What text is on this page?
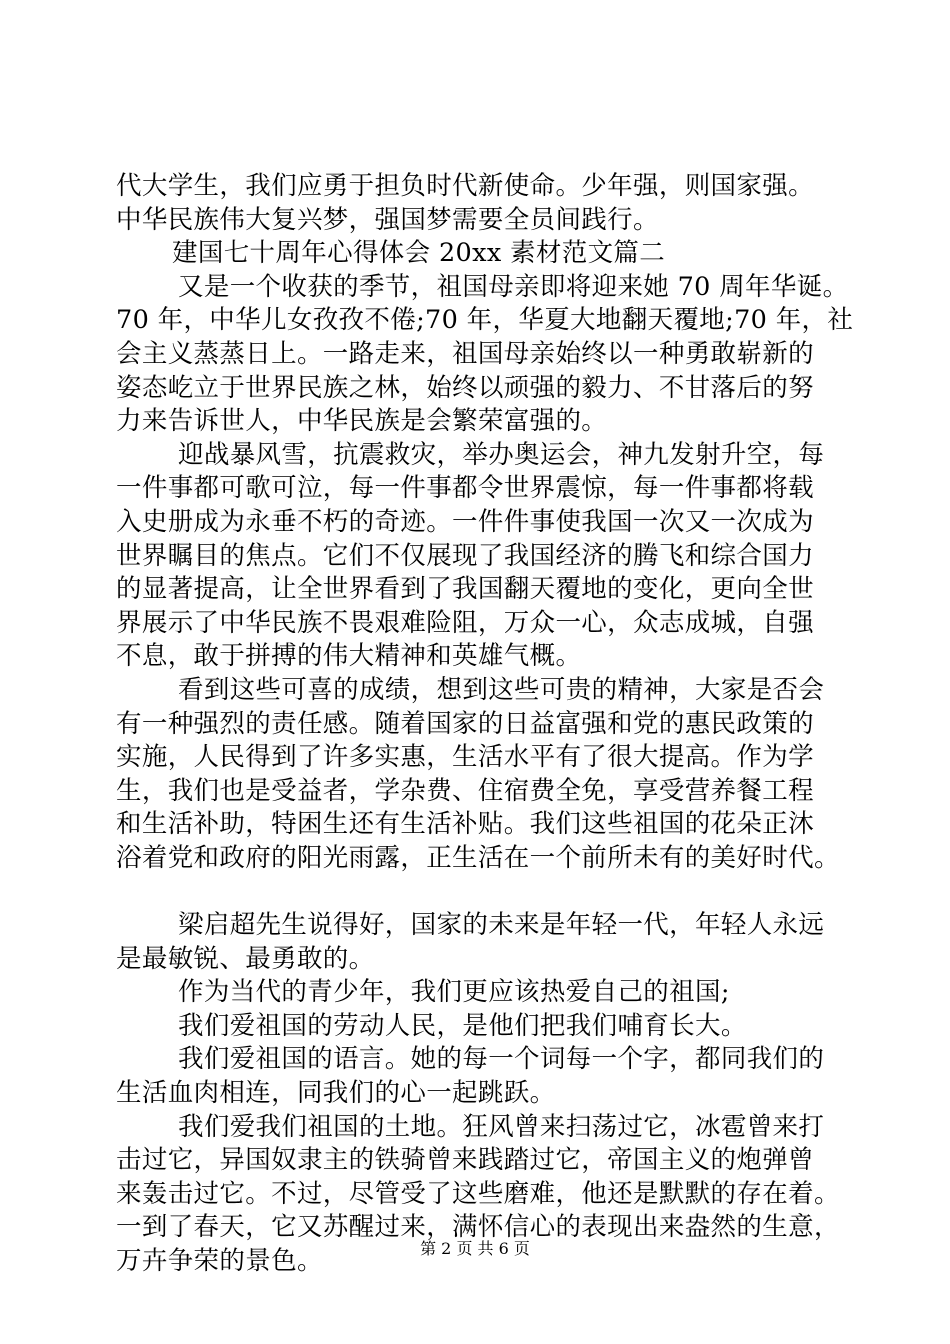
代大学生，我们应勇于担负时代新使命。少年强，则国家强。
中华民族伟大复兴梦，强国梦需要全员间践行。
建国七十周年心得体会 20xx 素材范文篇二
又是一个收获的季节，祖国母亲即将迎来她 70 周年华诞。
70 年，中华儿女孜孜不倦;70 年，华夏大地翻天覆地;70 年，社
会主义蒸蒸日上。一路走来，祖国母亲始终以一种勇敢崭新的
姿态屹立于世界民族之林，始终以顽强的毅力、不甘落后的努
力来告诉世人，中华民族是会繁荣富强的。
迎战暴风雪，抗震救灾，举办奥运会，神九发射升空，每
一件事都可歌可泣，每一件事都令世界震惊，每一件事都将载
入史册成为永垂不朽的奇迹。一件件事使我国一次又一次成为
世界瞩目的焦点。它们不仅展现了我国经济的腾飞和综合国力
的显著提高，让全世界看到了我国翻天覆地的变化，更向全世
界展示了中华民族不畏艰难险阻，万众一心，众志成城，自强
不息，敢于拼搏的伟大精神和英雄气概。
看到这些可喜的成绩，想到这些可贵的精神，大家是否会
有一种强烈的责任感。随着国家的日益富强和党的惠民政策的
实施，人民得到了许多实惠，生活水平有了很大提高。作为学
生，我们也是受益者，学杂费、住宿费全免，享受营养餐工程
和生活补助，特困生还有生活补贴。我们这些祖国的花朵正沐
浴着党和政府的阳光雨露，正生活在一个前所未有的美好时代。
梁启超先生说得好，国家的未来是年轻一代，年轻人永远
是最敏锐、最勇敢的。
作为当代的青少年，我们更应该热爱自己的祖国;
我们爱祖国的劳动人民，是他们把我们哺育长大。
我们爱祖国的语言。她的每一个词每一个字，都同我们的
生活血肉相连，同我们的心一起跳跃。
我们爱我们祖国的土地。狂风曾来扫荡过它，冰雹曾来打
击过它，异国奴隶主的铁骑曾来践踏过它，帝国主义的炮弹曾
来轰击过它。不过，尽管受了这些磨难，他还是默默的存在着。
一到了春天，它又苏醒过来，满怀信心的表现出来盎然的生意，
万卉争荣的景色。	第 2 页 共 6 页
